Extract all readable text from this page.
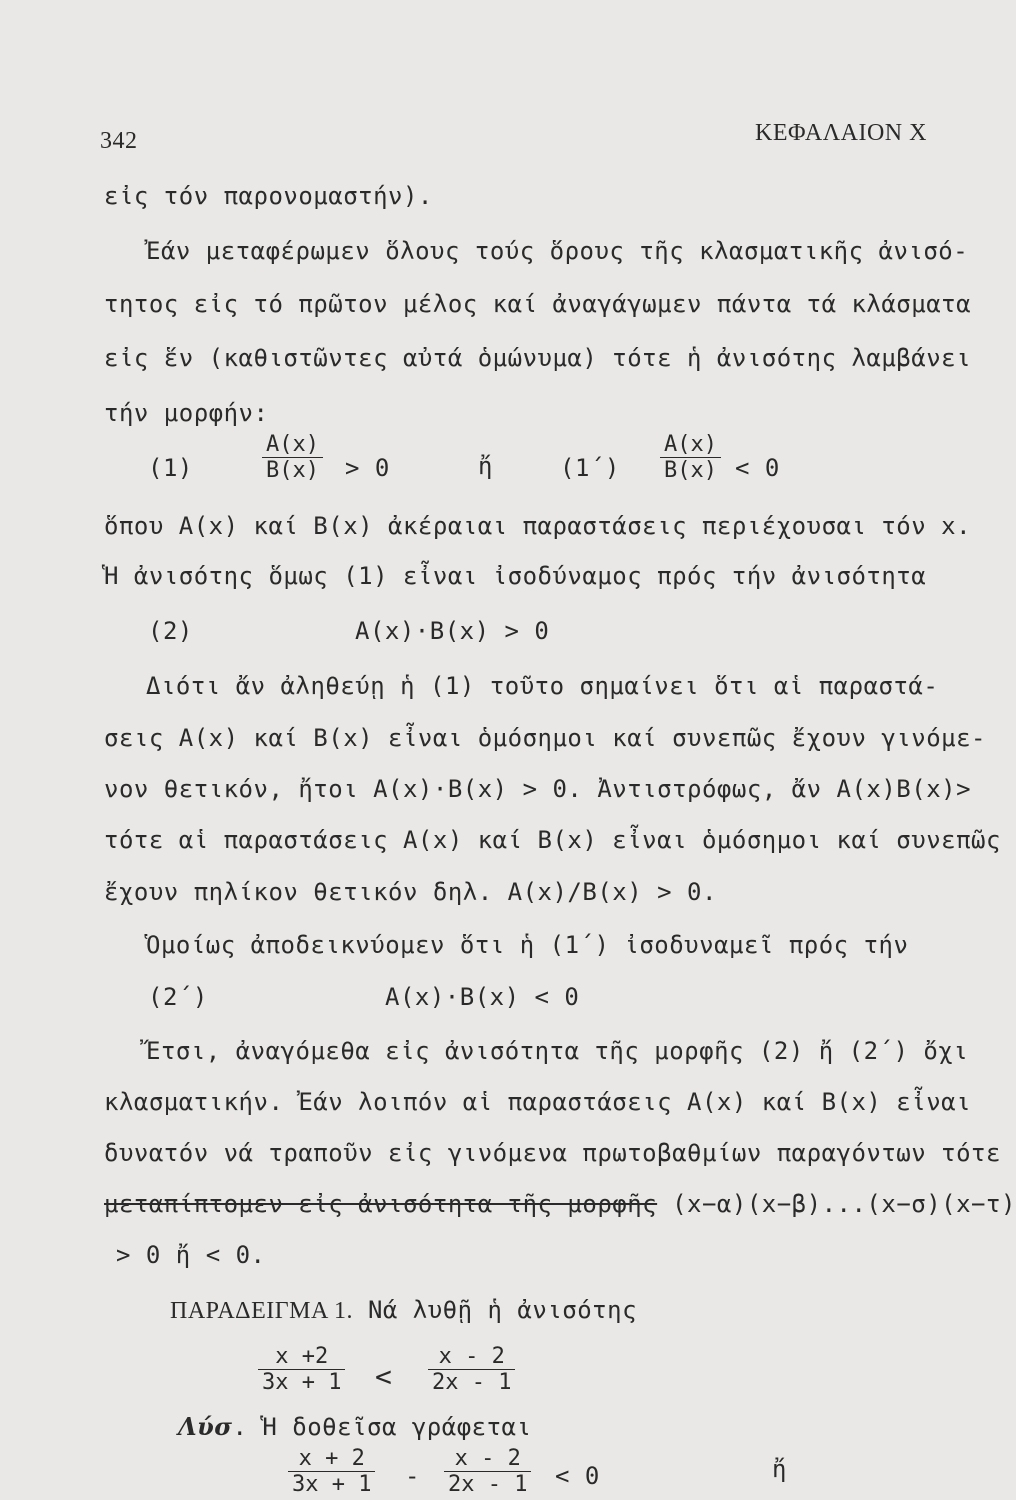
342	ΚΕΦΑΛΑΙΟΝ Χ
εἰς τόν παρονομαστήν).
Ἐάν μεταφέρωμεν ὅλους τούς ὅρους τῆς κλασματικῆς ἀνισό-
τητος εἰς τό πρῶτον μέλος καί ἀναγάγωμεν πάντα τά κλάσματα
εἰς ἕν (καθιστῶντες αὐτά ὁμώνυμα) τότε ἡ ἀνισότης λαμβάνει
τήν μορφήν:
(1)	$\frac{A(x)}{B(x)} > 0$	ἤ	$(1΄) \frac{A(x)}{B(x)} < 0$
ὅπου A(x) καί B(x) ἀκέραιαι παραστάσεις περιέχουσαι τόν x.
Ἡ ἀνισότης ὅμως (1) εἶναι ἰσοδύναμος πρός τήν ἀνισότητα
(2)	A(x)·B(x) > 0
Διότι ἄν ἀληθεύῃ ἡ (1) τοῦτο σημαίνει ὅτι αἱ παραστά-
σεις A(x) καί B(x) εἶναι ὁμόσημοι καί συνεπῶς ἔχουν γινόμε-
νον θετικόν, ἤτοι A(x)·B(x) > 0. Ἀντιστρόφως, ἄν A(x)B(x)>
τότε αἱ παραστάσεις A(x) καί B(x) εἶναι ὁμόσημοι καί συνεπῶς
ἔχουν πηλίκον θετικόν δηλ. A(x)/B(x) > 0.
Ὁμοίως ἀποδεικνύομεν ὅτι ἡ (1΄) ἰσοδυναμεῖ πρός τήν
(2΄)	A(x)·B(x) < 0
Ἔτσι, ἀναγόμεθα εἰς ἀνισότητα τῆς μορφῆς (2) ἤ (2΄) ὄχι
κλασματικήν. Ἐάν λοιπόν αἱ παραστάσεις A(x) καί B(x) εἶναι
δυνατόν νά τραποῦν εἰς γινόμενα πρωτοβαθμίων παραγόντων τότε
μεταπίπτομεν εἰς ἀνισότητα τῆς μορφῆς (x−α)(x−β)...(x−σ)(x−τ)
> 0 ἤ < 0.
ΠΑΡΑΔΕΙΓΜΑ 1. Νά λυθῇ ἡ ἀνισότης
$\frac{x +2}{3x + 1} < \frac{x - 2}{2x - 1}$
Λύσ. Ἡ δοθεῖσα γράφεται
$\frac{x + 2}{3x + 1} - \frac{x - 2}{2x - 1} < 0$	ἤ
